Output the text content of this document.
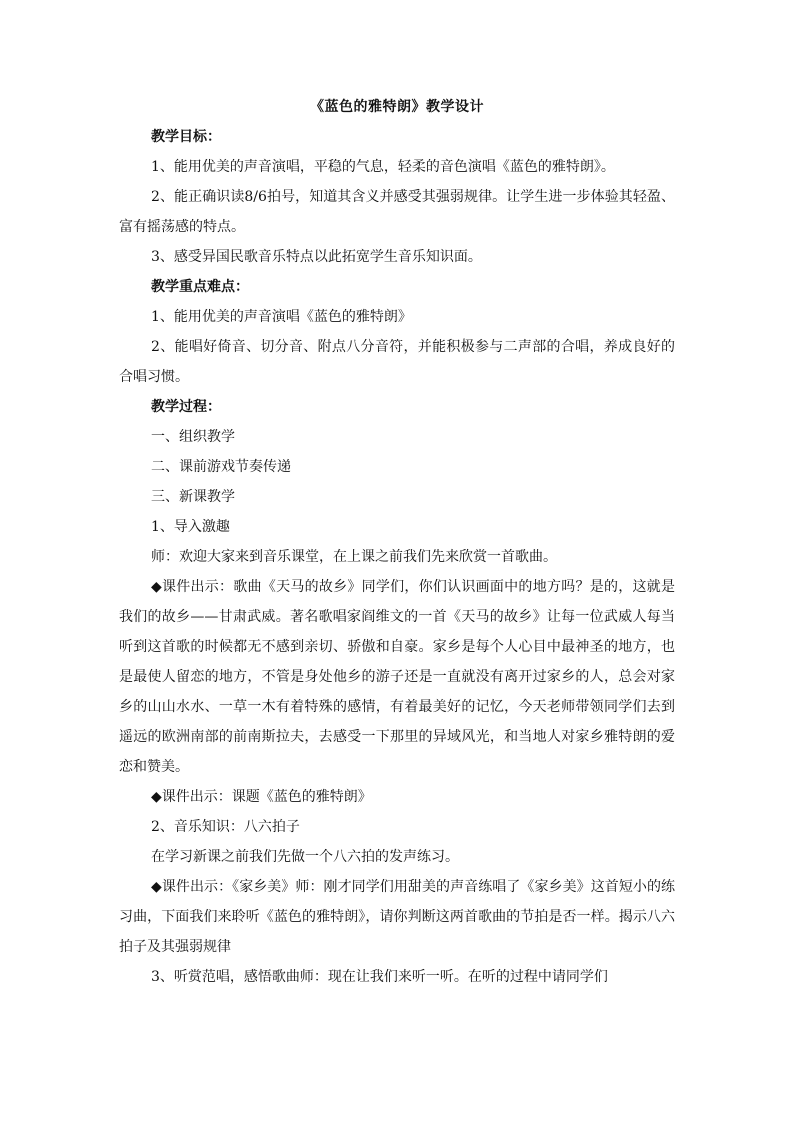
《蓝色的雅特朗》教学设计

教学目标：

1、能用优美的声音演唱，平稳的气息，轻柔的音色演唱《蓝色的雅特朗》。

2、能正确识读8/6拍号，知道其含义并感受其强弱规律。让学生进一步体验其轻盈、富有摇荡感的特点。

3、感受异国民歌音乐特点以此拓宽学生音乐知识面。

教学重点难点：

1、能用优美的声音演唱《蓝色的雅特朗》

2、能唱好倚音、切分音、附点八分音符，并能积极参与二声部的合唱，养成良好的合唱习惯。

教学过程：

一、组织教学

二、课前游戏节奏传递

三、新课教学

1、导入激趣

师：欢迎大家来到音乐课堂，在上课之前我们先来欣赏一首歌曲。

◆课件出示：歌曲《天马的故乡》同学们，你们认识画面中的地方吗？是的，这就是我们的故乡——甘肃武威。著名歌唱家阎维文的一首《天马的故乡》让每一位武威人每当听到这首歌的时候都无不感到亲切、骄傲和自豪。家乡是每个人心目中最神圣的地方，也是最使人留恋的地方，不管是身处他乡的游子还是一直就没有离开过家乡的人，总会对家乡的山山水水、一草一木有着特殊的感情，有着最美好的记忆，今天老师带领同学们去到遥远的欧洲南部的前南斯拉夫，去感受一下那里的异域风光，和当地人对家乡雅特朗的爱恋和赞美。

◆课件出示：课题《蓝色的雅特朗》

2、音乐知识：八六拍子

在学习新课之前我们先做一个八六拍的发声练习。

◆课件出示：《家乡美》师：刚才同学们用甜美的声音练唱了《家乡美》这首短小的练习曲，下面我们来聆听《蓝色的雅特朗》，请你判断这两首歌曲的节拍是否一样。揭示八六拍子及其强弱规律

3、听赏范唱，感悟歌曲师：现在让我们来听一听。在听的过程中请同学们
